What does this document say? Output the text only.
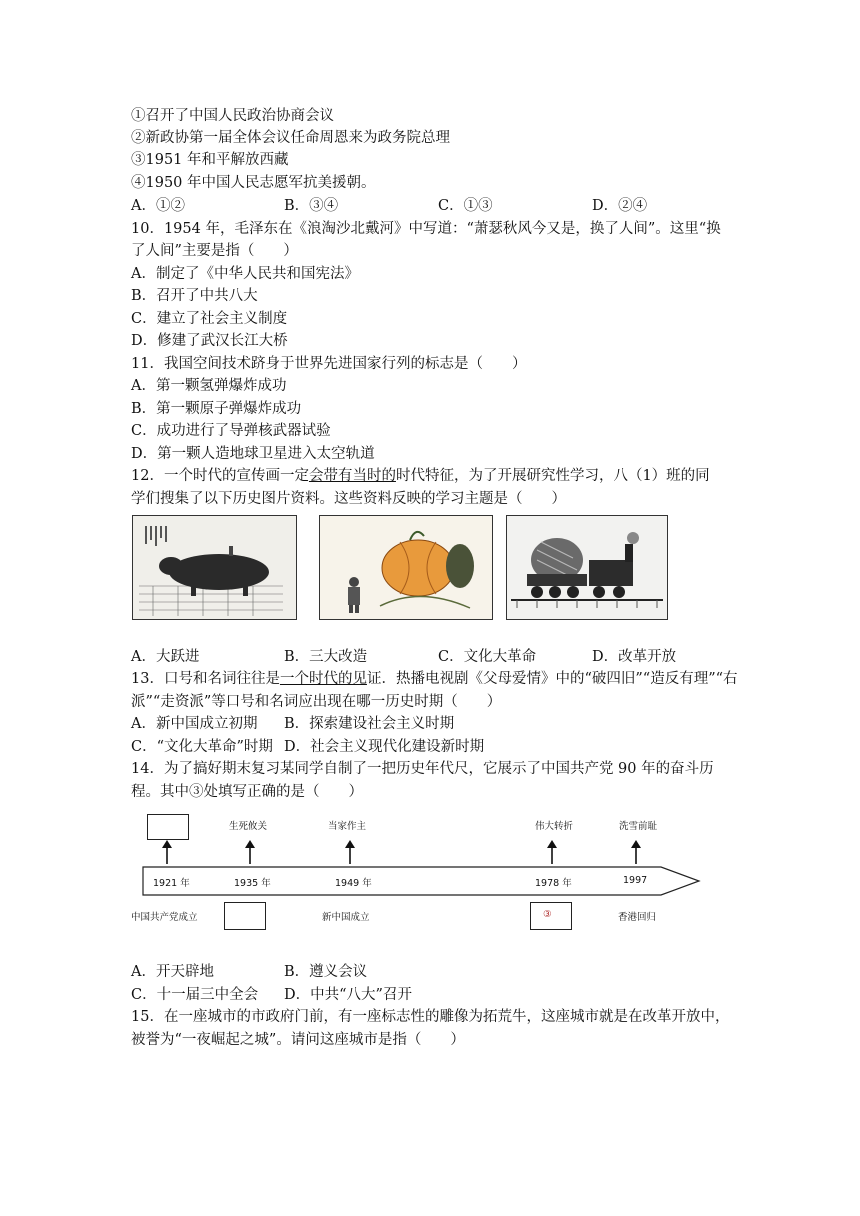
①召开了中国人民政治协商会议
②新政协第一届全体会议任命周恩来为政务院总理
③1951 年和平解放西藏
④1950 年中国人民志愿军抗美援朝。
A．①②	B．③④	C．①③	D．②④
10．1954 年，毛泽东在《浪淘沙北戴河》中写道：“萧瑟秋风今又是，换了人间”。这里“换
了人间”主要是指（　　）
A．制定了《中华人民共和国宪法》
B．召开了中共八大
C．建立了社会主义制度
D．修建了武汉长江大桥
11．我国空间技术跻身于世界先进国家行列的标志是（　　）
A．第一颗氢弹爆炸成功
B．第一颗原子弹爆炸成功
C．成功进行了导弹核武器试验
D．第一颗人造地球卫星进入太空轨道
12．一个时代的宣传画一定会带有当时的时代特征，为了开展研究性学习，八（1）班的同
学们搜集了以下历史图片资料。这些资料反映的学习主题是（　　）
A．大跃进	B．三大改造	C．文化大革命	D．改革开放
13．口号和名词往往是一个时代的见证．热播电视剧《父母爱情》中的“破四旧”“造反有理”“右
派”“走资派”等口号和名词应出现在哪一历史时期（　　）
A．新中国成立初期 B．探索建设社会主义时期
C．“文化大革命”时期 D．社会主义现代化建设新时期
14．为了搞好期末复习某同学自制了一把历史年代尺，它展示了中国共产党 90 年的奋斗历
程。其中③处填写正确的是（　　）
生死攸关	当家作主	伟大转折	洗雪前耻
1921 年	1935 年	1949 年	1978 年	1997
中国共产党成立	新中国成立	③	香港回归
A．开天辟地	B．遵义会议
C．十一届三中全会 D．中共“八大”召开
15．在一座城市的市政府门前，有一座标志性的雕像为拓荒牛，这座城市就是在改革开放中，
被誉为“一夜崛起之城”。请问这座城市是指（　　）
